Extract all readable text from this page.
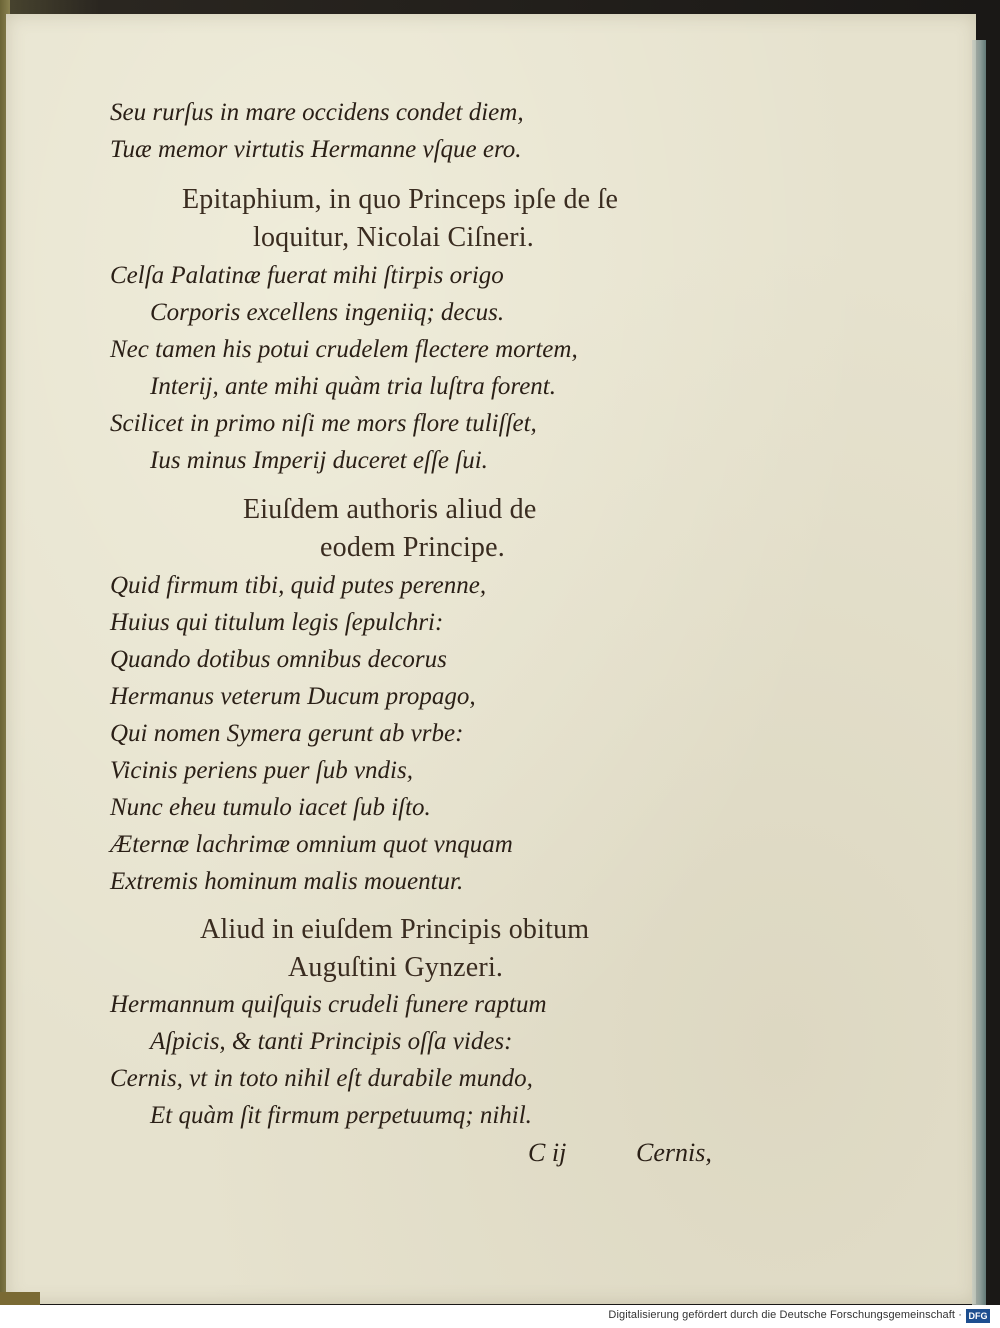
Seu rurſus in mare occidens condet diem,
Tuæ memor virtutis Hermanne vſque ero.
Epitaphium, in quo Princeps ipſe de ſe
loquitur, Nicolai Ciſneri.
Celſa Palatinæ fuerat mihi ſtirpis origo
Corporis excellens ingeniiq; decus.
Nec tamen his potui crudelem flectere mortem,
Interij, ante mihi quàm tria luſtra forent.
Scilicet in primo niſi me mors flore tuliſſet,
Ius minus Imperij duceret eſſe ſui.
Eiuſdem authoris aliud de
eodem Principe.
Quid firmum tibi, quid putes perenne,
Huius qui titulum legis ſepulchri:
Quando dotibus omnibus decorus
Hermanus veterum Ducum propago,
Qui nomen Symera gerunt ab vrbe:
Vicinis periens puer ſub vndis,
Nunc eheu tumulo iacet ſub iſto.
Æternæ lachrimæ omnium quot vnquam
Extremis hominum malis mouentur.
Aliud in eiuſdem Principis obitum
Auguſtini Gynzeri.
Hermannum quiſquis crudeli funere raptum
Aſpicis, & tanti Principis oſſa vides:
Cernis, vt in toto nihil eſt durabile mundo,
Et quàm ſit firmum perpetuumq; nihil.
C ij	Cernis,
Digitalisierung gefördert durch die Deutsche Forschungsgemeinschaft · DFG
